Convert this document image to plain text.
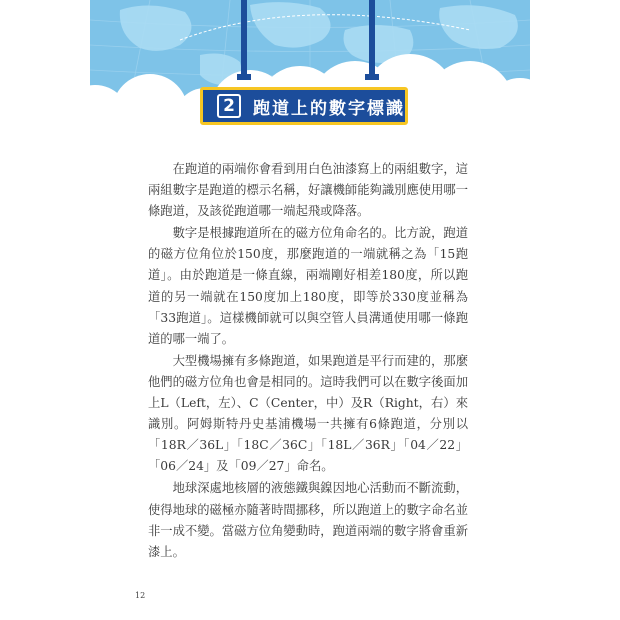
2	跑道上的數字標識

在跑道的兩端你會看到用白色油漆寫上的兩組數字，這兩組數字是跑道的標示名稱，好讓機師能夠識別應使用哪一條跑道，及該從跑道哪一端起飛或降落。

數字是根據跑道所在的磁方位角命名的。比方說，跑道的磁方位角位於150度，那麼跑道的一端就稱之為「15跑道」。由於跑道是一條直線，兩端剛好相差180度，所以跑道的另一端就在150度加上180度，即等於330度並稱為「33跑道」。這樣機師就可以與空管人員溝通使用哪一條跑道的哪一端了。

大型機場擁有多條跑道，如果跑道是平行而建的，那麼他們的磁方位角也會是相同的。這時我們可以在數字後面加上L（Left，左）、C（Center，中）及R（Right，右）來識別。阿姆斯特丹史基浦機場一共擁有6條跑道，分別以「18R／36L」「18C／36C」「18L／36R」「04／22」「06／24」及「09／27」命名。

地球深處地核層的液態鐵與鎳因地心活動而不斷流動，使得地球的磁極亦隨著時間挪移，所以跑道上的數字命名並非一成不變。當磁方位角變動時，跑道兩端的數字將會重新漆上。

12
